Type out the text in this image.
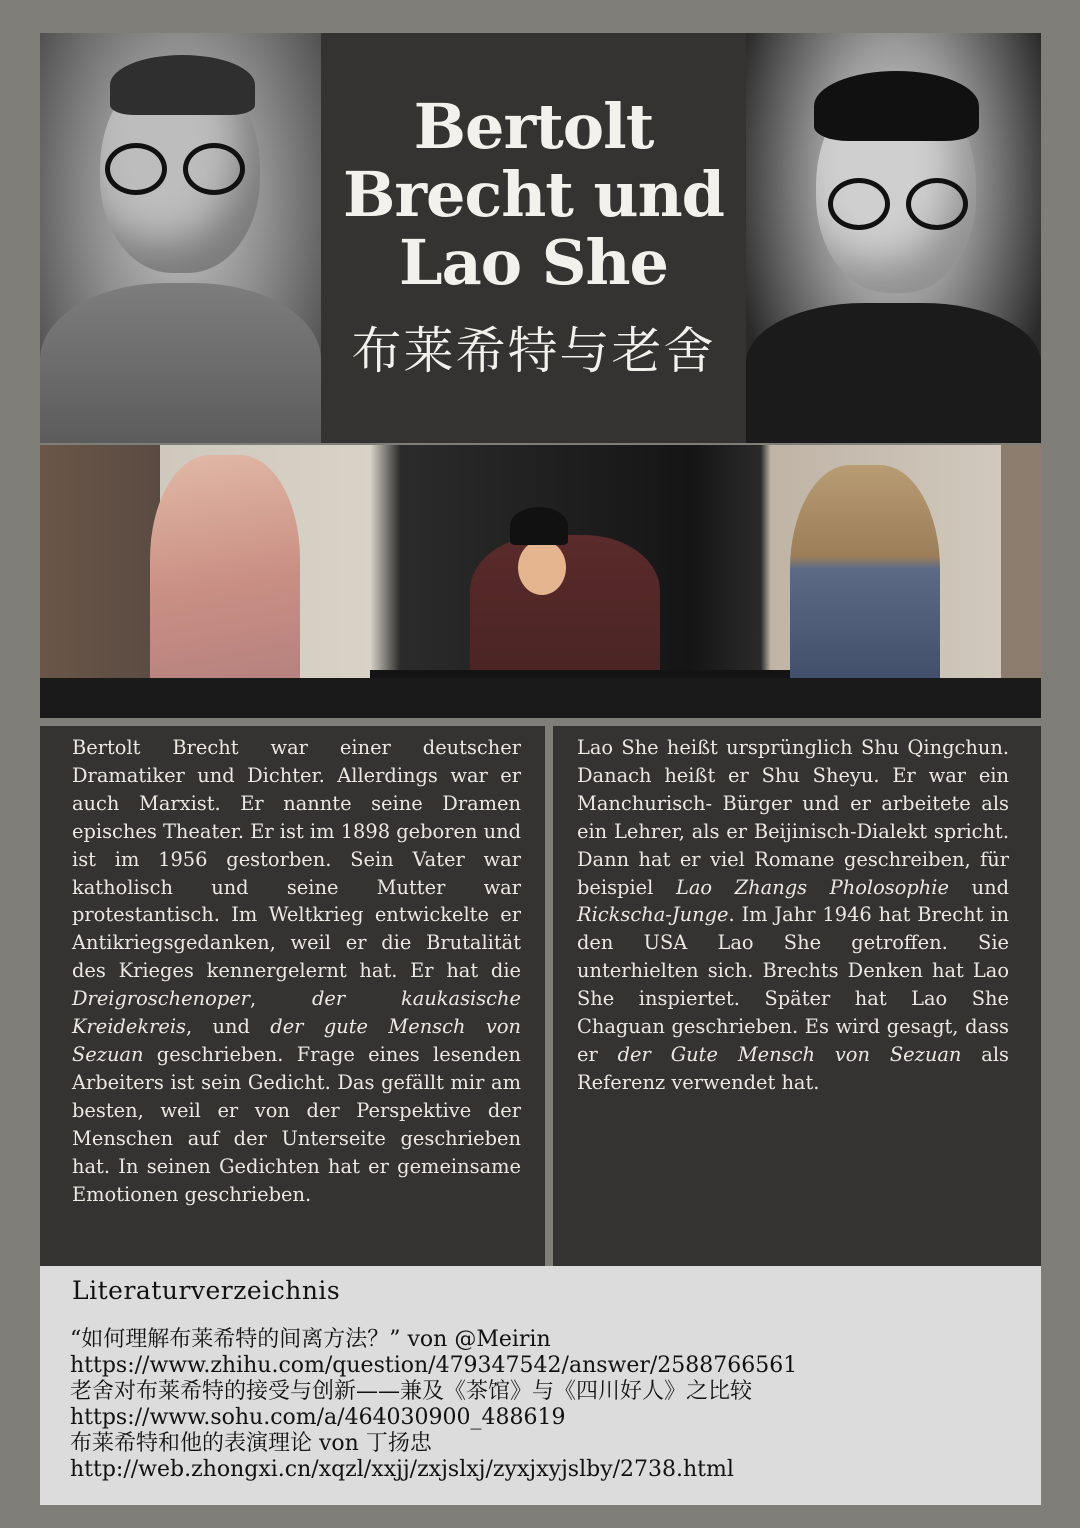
Bertolt
Brecht und
Lao She
布莱希特与老舍

Bertolt Brecht war einer deutscher Dramatiker und Dichter. Allerdings war er auch Marxist. Er nannte seine Dramen episches Theater. Er ist im 1898 geboren und ist im 1956 gestorben. Sein Vater war katholisch und seine Mutter war protestantisch. Im Weltkrieg entwickelte er Antikriegsgedanken, weil er die Brutalität des Krieges kennergelernt hat. Er hat die Dreigroschenoper, der kaukasische Kreidekreis, und der gute Mensch von Sezuan geschrieben. Frage eines lesenden Arbeiters ist sein Gedicht. Das gefällt mir am besten, weil er von der Perspektive der Menschen auf der Unterseite geschrieben hat. In seinen Gedichten hat er gemeinsame Emotionen geschrieben.

Lao She heißt ursprünglich Shu Qingchun. Danach heißt er Shu Sheyu. Er war ein Manchurisch- Bürger und er arbeitete als ein Lehrer, als er Beijinisch-Dialekt spricht. Dann hat er viel Romane geschreiben, für beispiel Lao Zhangs Pholosophie und Rickscha-Junge. Im Jahr 1946 hat Brecht in den USA Lao She getroffen. Sie unterhielten sich. Brechts Denken hat Lao She inspiertet. Später hat Lao She Chaguan geschrieben. Es wird gesagt, dass er der Gute Mensch von Sezuan als Referenz verwendet hat.

Literaturverzeichnis

“如何理解布莱希特的间离方法？” von @Meirin

https://www.zhihu.com/question/479347542/answer/2588766561

老舍对布莱希特的接受与创新——兼及《茶馆》与《四川好人》之比较

https://www.sohu.com/a/464030900_488619

布莱希特和他的表演理论 von 丁扬忠

http://web.zhongxi.cn/xqzl/xxjj/zxjslxj/zyxjxyjslby/2738.html
